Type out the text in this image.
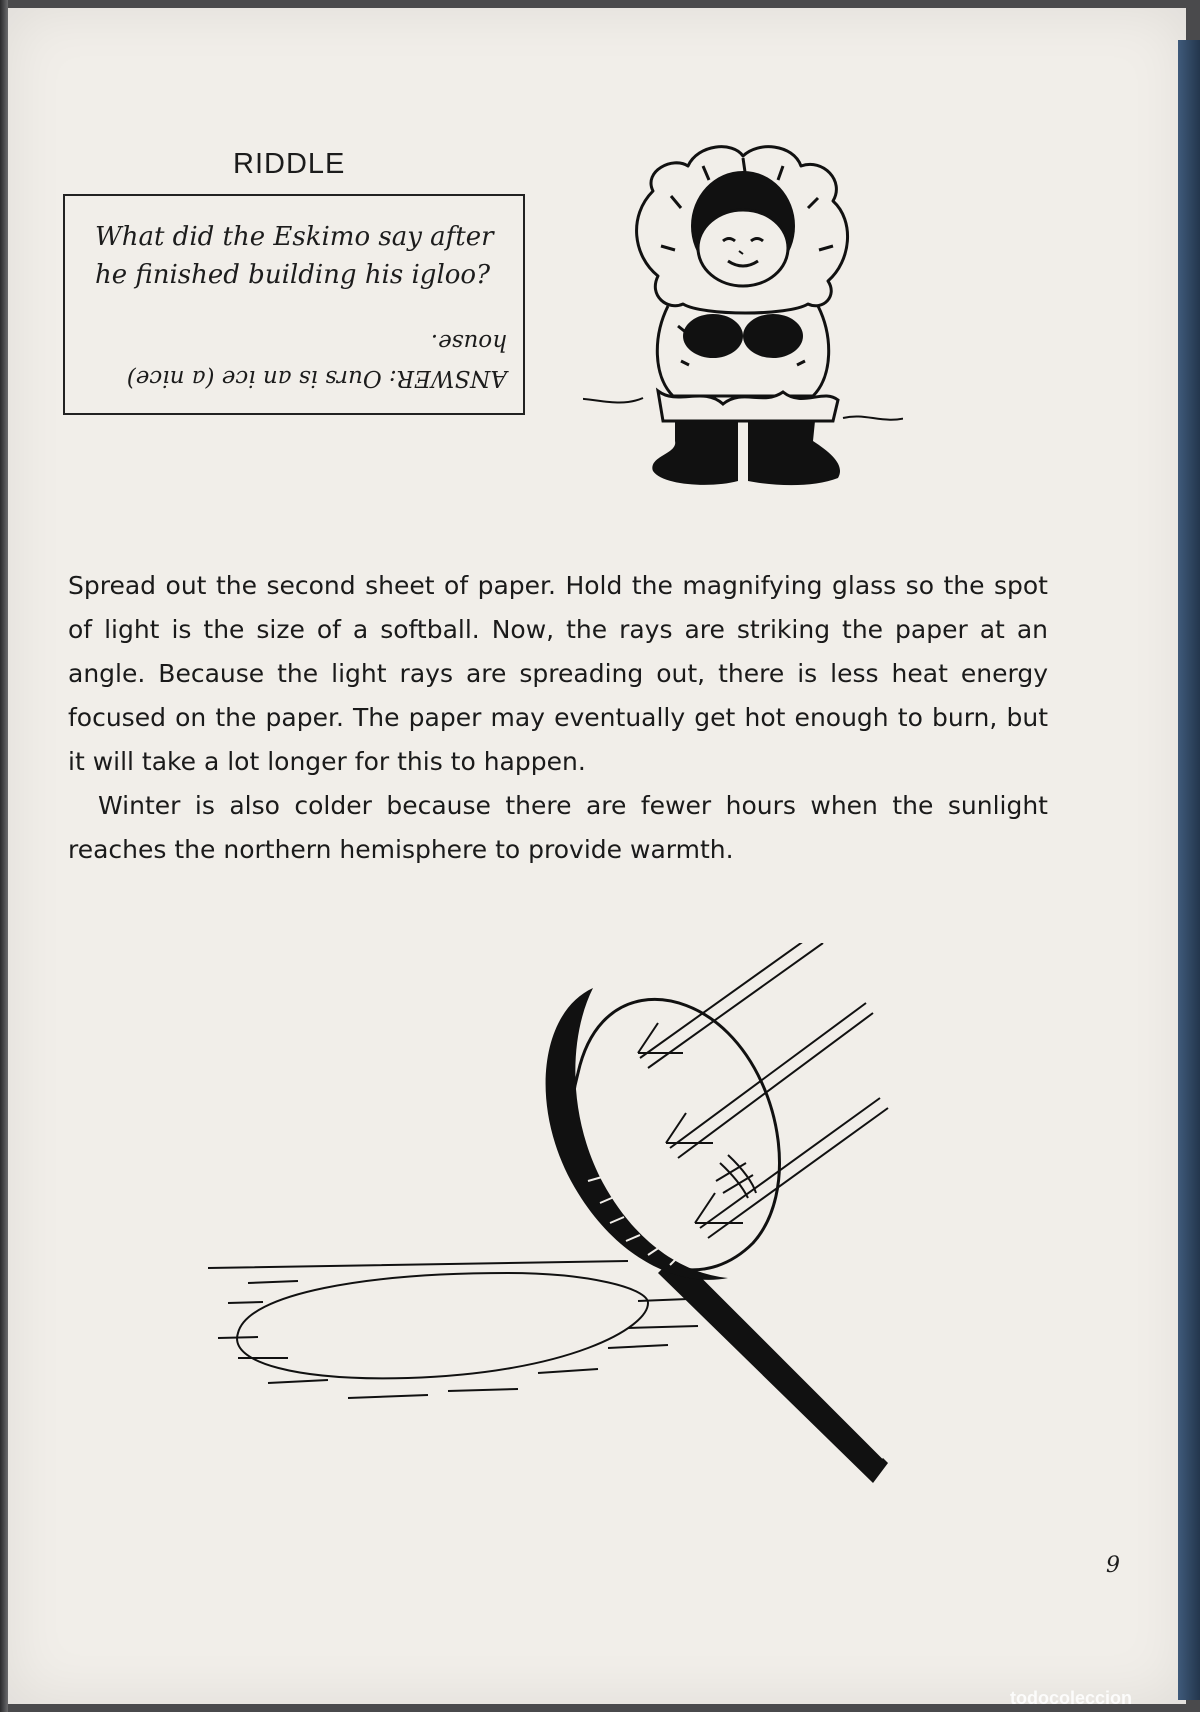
RIDDLE
What did the Eskimo say after he finished building his igloo?
ANSWER: Ours is an ice (a nice) house.

Spread out the second sheet of paper. Hold the magnifying glass so the spot of light is the size of a softball. Now, the rays are striking the paper at an angle. Because the light rays are spreading out, there is less heat energy focused on the paper. The paper may eventually get hot enough to burn, but it will take a lot longer for this to happen.

Winter is also colder because there are fewer hours when the sunlight reaches the northern hemisphere to provide warmth.

9
todocoleccion
